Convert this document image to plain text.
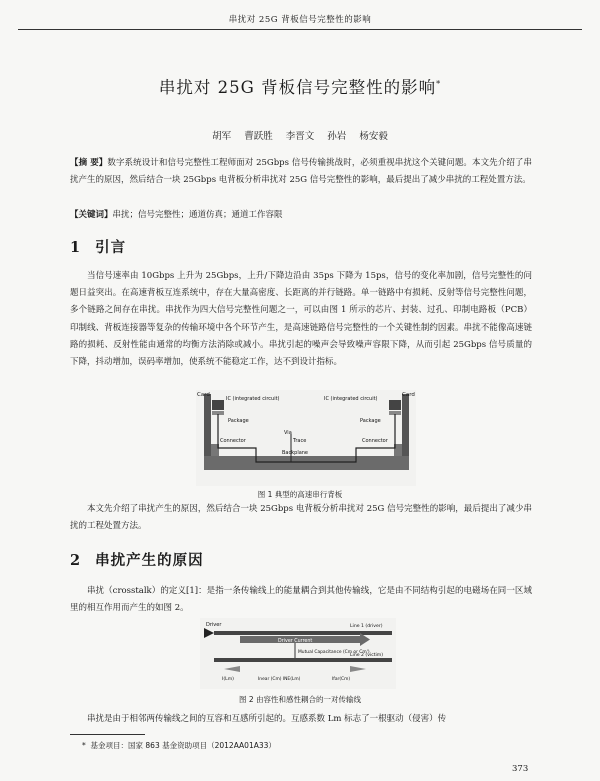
串扰对 25G 背板信号完整性的影响
串扰对 25G 背板信号完整性的影响*
胡军 曹跃胜 李晋文 孙岩 杨安毅

【摘 要】数字系统设计和信号完整性工程师面对 25Gbps 信号传输挑战时，必须重视串扰这个关键问题。本文先介绍了串扰产生的原因，然后结合一块 25Gbps 电背板分析串扰对 25G 信号完整性的影响，最后提出了减少串扰的工程处置方法。

【关键词】串扰；信号完整性；通道仿真；通道工作容限

1 引言

当信号速率由 10Gbps 上升为 25Gbps，上升/下降边沿由 35ps 下降为 15ps，信号的变化率加剧，信号完整性的问题日益突出。在高速背板互连系统中，存在大量高密度、长距离的并行链路。单一链路中有损耗、反射等信号完整性问题，多个链路之间存在串扰。串扰作为四大信号完整性问题之一，可以由图 1 所示的芯片、封装、过孔、印制电路板（PCB）印制线、背板连接器等复杂的传输环境中各个环节产生，是高速链路信号完整性的一个关键性制约因素。串扰不能像高速链路的损耗、反射性能由通常的均衡方法消除或减小。串扰引起的噪声会导致噪声容限下降，从而引起 25Gbps 信号质量的下降，抖动增加，误码率增加，使系统不能稳定工作，达不到设计指标。

Card	Card
IC (integrated circuit)	IC (integrated circuit)
Package	Package
Via
Trace
Connector	Connector
Backplane
图 1 典型的高速串行背板

本文先介绍了串扰产生的原因，然后结合一块 25Gbps 电背板分析串扰对 25G 信号完整性的影响，最后提出了减少串扰的工程处置方法。

2 串扰产生的原因

串扰（crosstalk）的定义[1]：是指一条传输线上的能量耦合到其他传输线，它是由不同结构引起的电磁场在同一区域里的相互作用而产生的如图 2。

Driver	Line 1 (driver)
Driver Current
Mutual Capacitance (Cm or Cm')
Line 2 (victim)
I(Lm)	Inear (Cm) INE(Lm)	Ifar(Cm)
图 2 由容性和感性耦合的一对传输线

串扰是由于相邻两传输线之间的互容和互感所引起的。互感系数 Lm 标志了一根驱动（侵害）传

* 基金项目：国家 863 基金资助项目（2012AA01A33）
373
